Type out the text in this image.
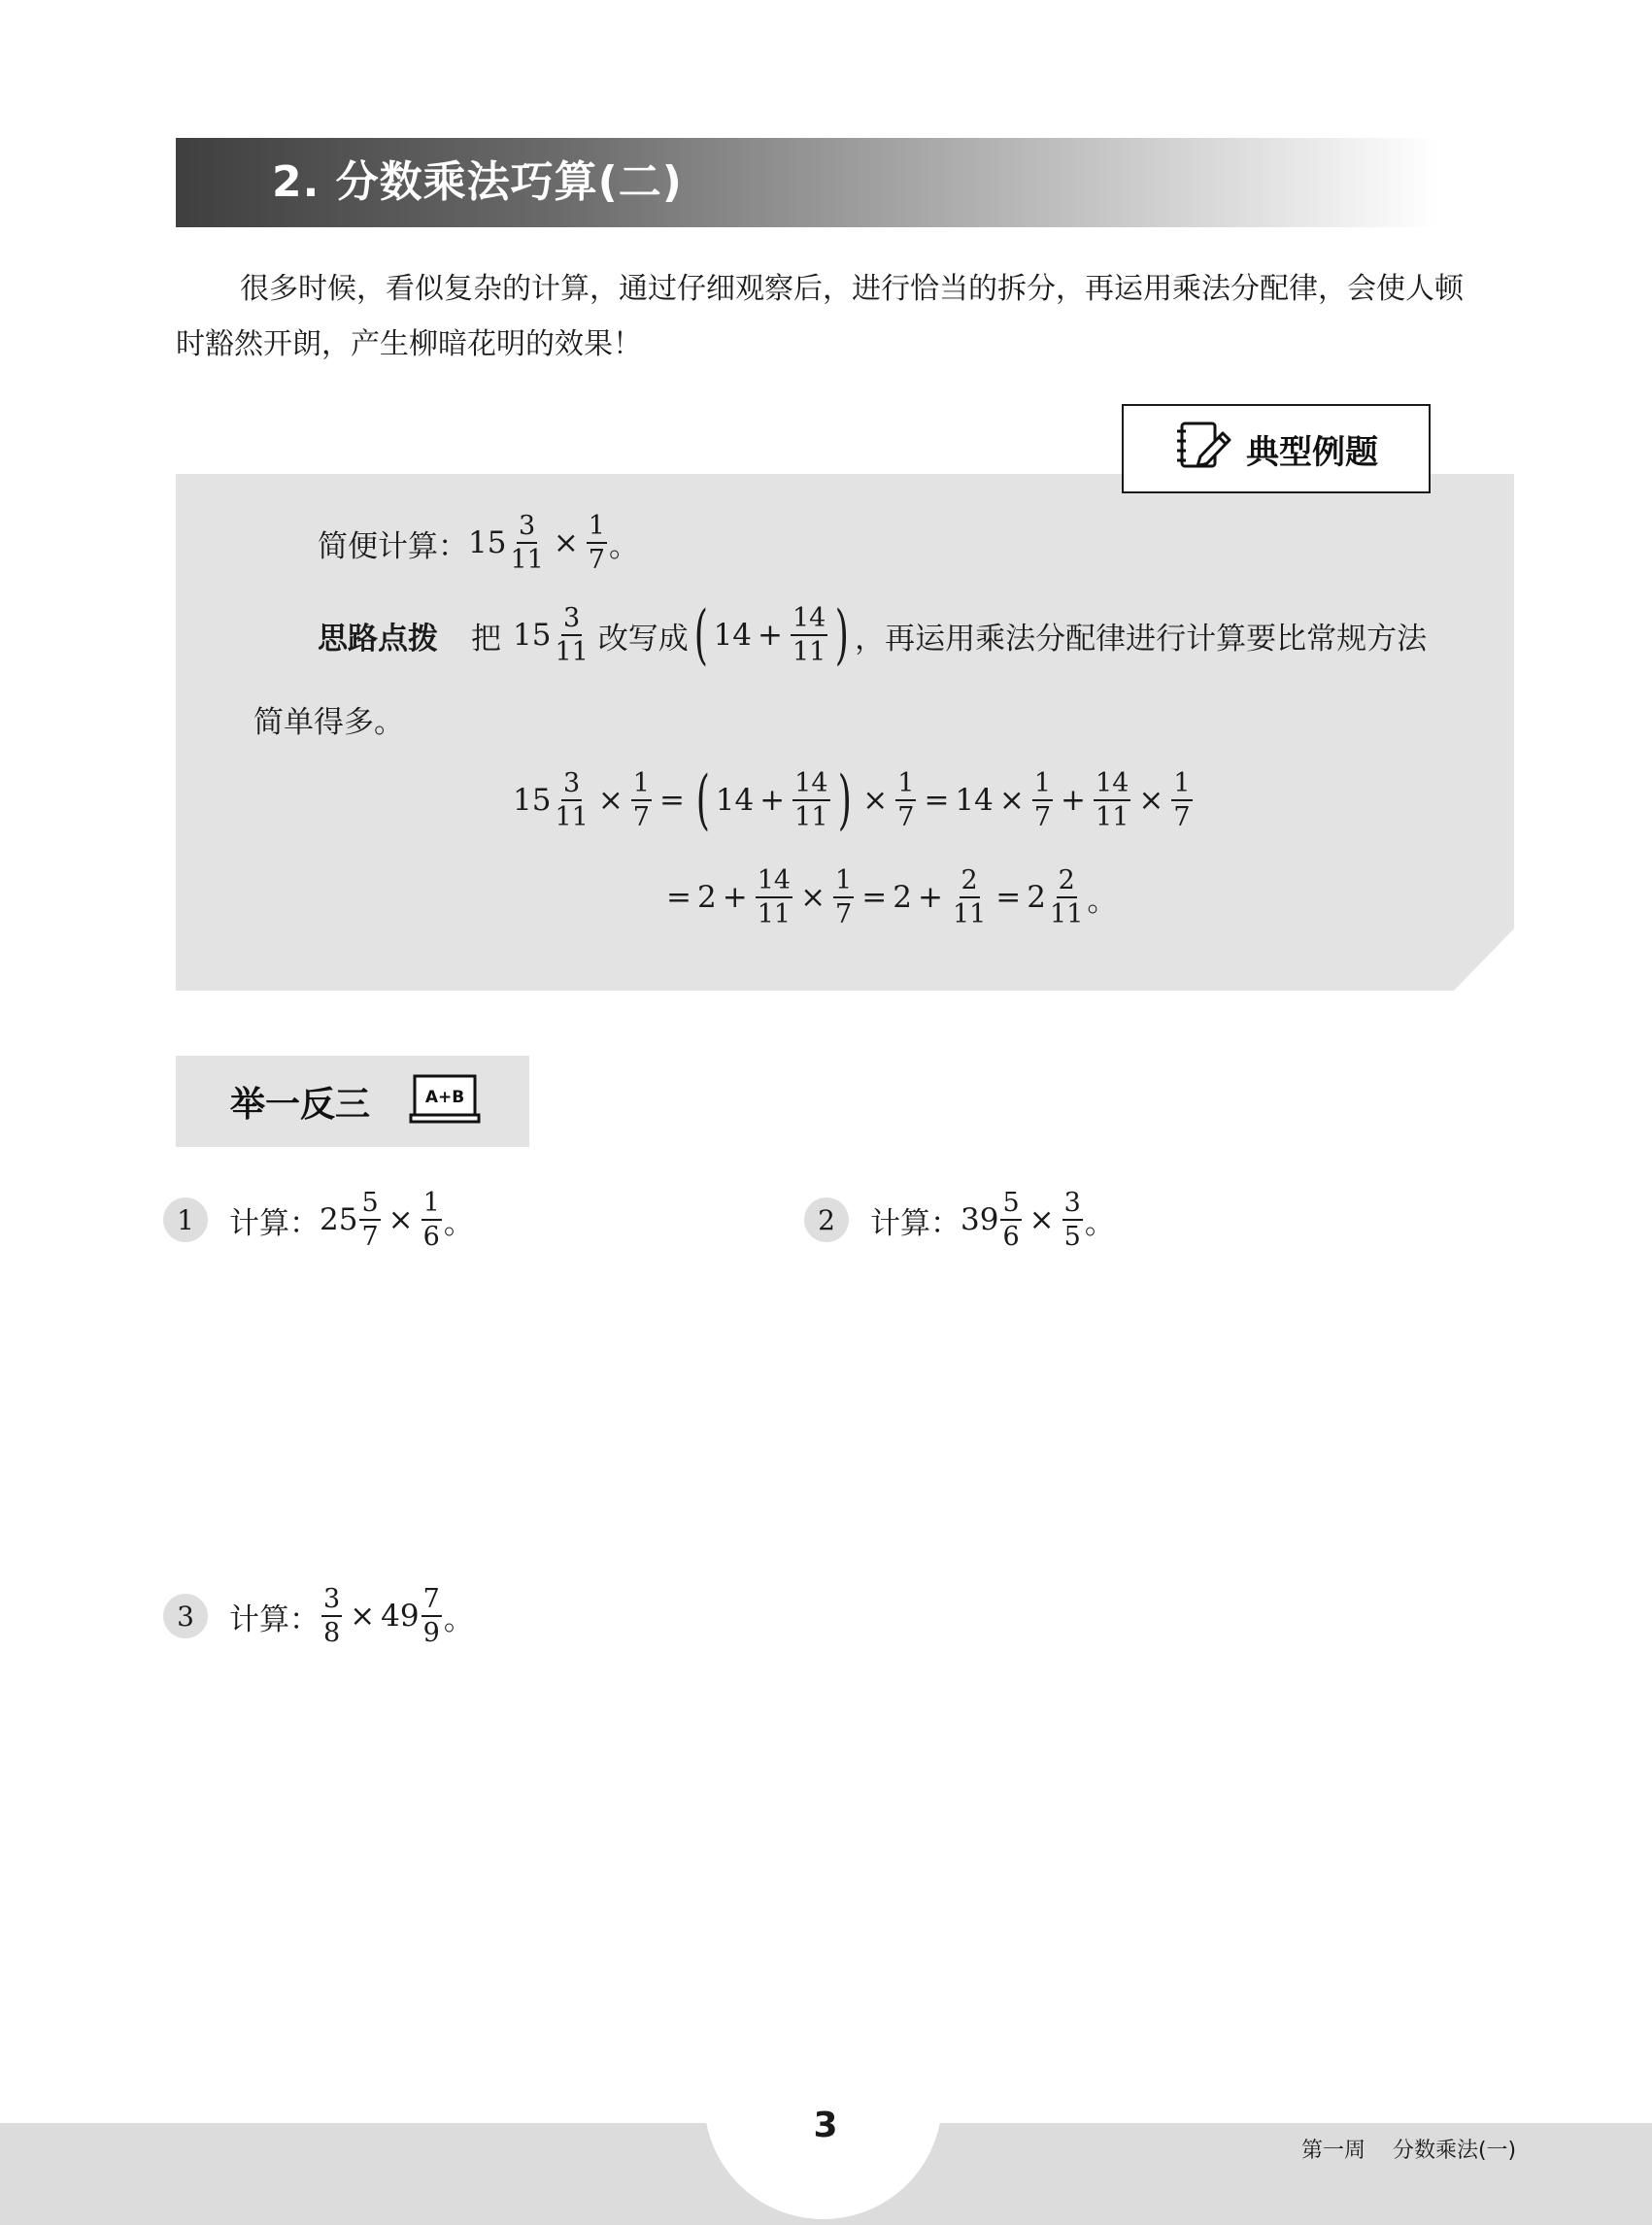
2. 分数乘法巧算(二)
很多时候，看似复杂的计算，通过仔细观察后，进行恰当的拆分，再运用乘法分配律，会使人顿
时豁然开朗，产生柳暗花明的效果！
典型例题
简便计算： $15 \frac{3}{11} \times \frac{1}{7}$ 。
思路点拨 把 $15 \frac{3}{11}$ 改写成 ( $14 + \frac{14}{11}$ ) ，再运用乘法分配律进行计算要比常规方法
简单得多。
$15 \frac{3}{11} \times \frac{1}{7}$ = ( $14 + \frac{14}{11}$ ) × $\frac{1}{7} = 14 \times \frac{1}{7} + \frac{14}{11} \times \frac{1}{7}$
= $2 + \frac{14}{11} \times \frac{1}{7} = 2 + \frac{2}{11} = 2 \frac{2}{11}$ 。
举一反三	A+B
1	计算： $25 \frac{5}{7} \times \frac{1}{6}$ 。	2	计算： $39 \frac{5}{6} \times \frac{3}{5}$ 。
3	计算： $\frac{3}{8} \times 49 \frac{7}{9}$ 。
3
第一周    分数乘法(一)
